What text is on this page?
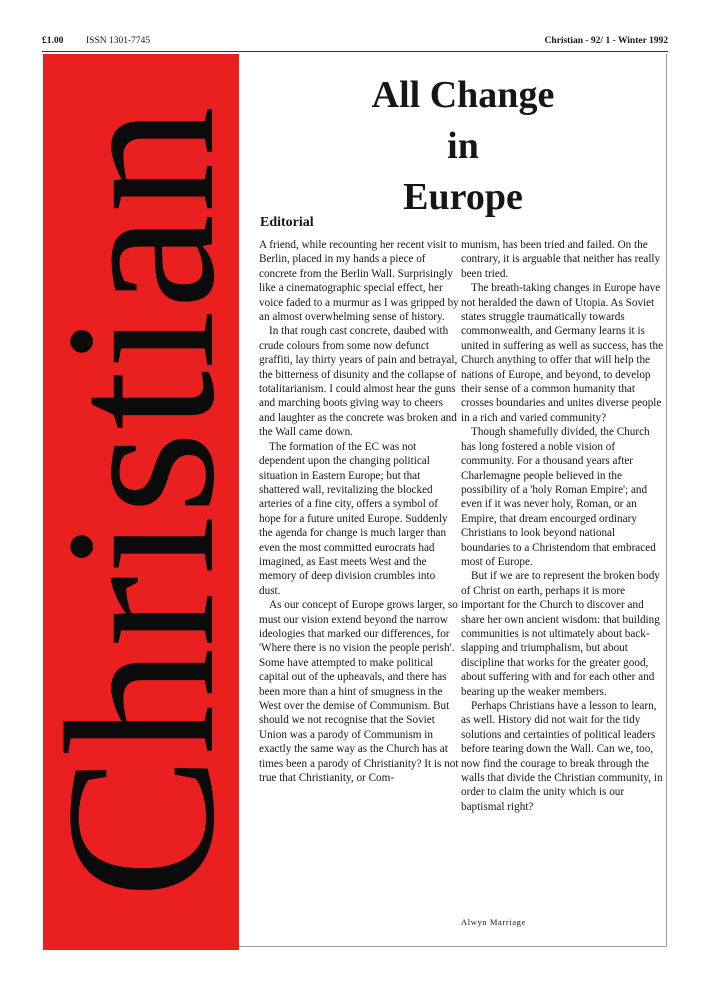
£1.00 ISSN 1301-7745	Christian - 92/ 1 - Winter 1992
Christian
All Change
in
Europe
Editorial

A friend, while recounting her recent visit to Berlin, placed in my hands a piece of concrete from the Berlin Wall. Surprisingly like a cinematographic special effect, her voice faded to a murmur as I was gripped by an almost overwhelming sense of history.

In that rough cast concrete, daubed with crude colours from some now defunct graffiti, lay thirty years of pain and betrayal, the bitterness of disunity and the collapse of totalitarianism. I could almost hear the guns and marching boots giving way to cheers and laughter as the concrete was broken and the Wall came down.

The formation of the EC was not dependent upon the changing political situation in Eastern Europe; but that shattered wall, revitalizing the blocked arteries of a fine city, offers a symbol of hope for a future united Europe. Suddenly the agenda for change is much larger than even the most committed eurocrats had imagined, as East meets West and the memory of deep division crumbles into dust.

As our concept of Europe grows larger, so must our vision extend beyond the narrow ideologies that marked our differences, for 'Where there is no vision the people perish'. Some have attempted to make political capital out of the upheavals, and there has been more than a hint of smugness in the West over the demise of Communism. But should we not recognise that the Soviet Union was a parody of Communism in exactly the same way as the Church has at times been a parody of Christianity? It is not true that Christianity, or Com-

munism, has been tried and failed. On the contrary, it is arguable that neither has really been tried.

The breath-taking changes in Europe have not heralded the dawn of Utopia. As Soviet states struggle traumatically towards commonwealth, and Germany learns it is united in suffering as well as success, has the Church anything to offer that will help the nations of Europe, and beyond, to develop their sense of a common humanity that crosses boundaries and unites diverse people in a rich and varied community?

Though shamefully divided, the Church has long fostered a noble vision of community. For a thousand years after Charlemagne people believed in the possibility of a 'holy Roman Empire'; and even if it was never holy, Roman, or an Empire, that dream encourged ordinary Christians to look beyond national boundaries to a Christendom that embraced most of Europe.

But if we are to represent the broken body of Christ on earth, perhaps it is more important for the Church to discover and share her own ancient wisdom: that building communities is not ultimately about back-slapping and triumphalism, but about discipline that works for the greater good, about suffering with and for each other and bearing up the weaker members.

Perhaps Christians have a lesson to learn, as well. History did not wait for the tidy solutions and certainties of political leaders before tearing down the Wall. Can we, too, now find the courage to break through the walls that divide the Christian community, in order to claim the unity which is our baptismal right?

Alwyn Marriage
